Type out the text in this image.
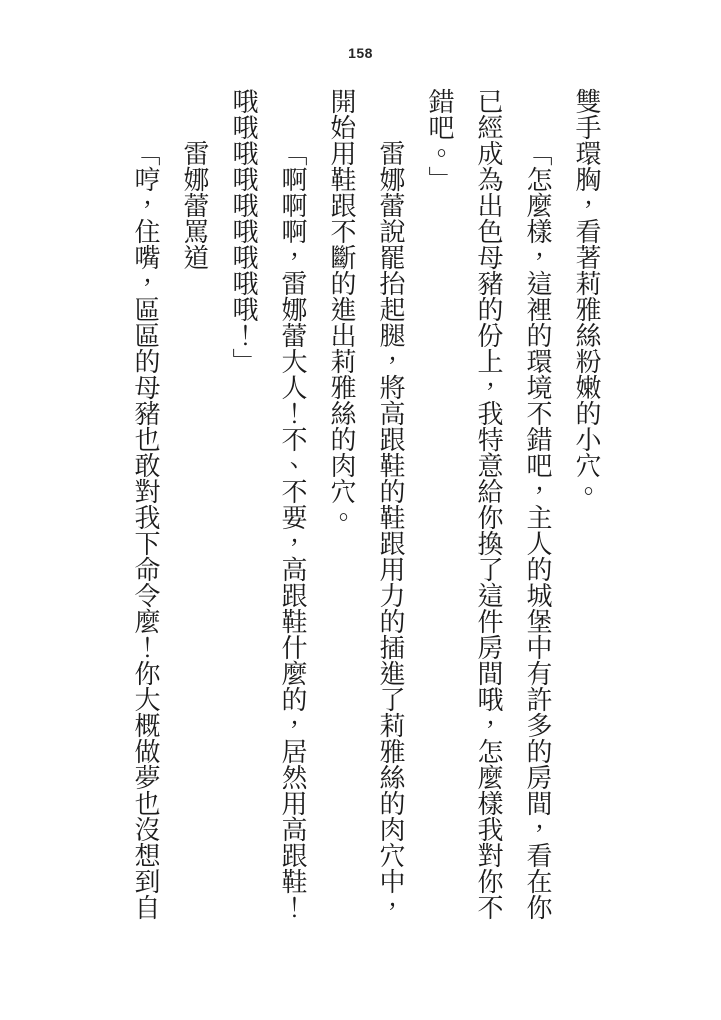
158

雙手環胸，看著莉雅絲粉嫩的小穴。

「怎麼樣，這裡的環境不錯吧，主人的城堡中有許多的房間，看在你已經成為出色母豬的份上，我特意給你換了這件房間哦，怎麼樣我對你不錯吧。」

雷娜蕾說罷抬起腿，將高跟鞋的鞋跟用力的插進了莉雅絲的肉穴中，開始用鞋跟不斷的進出莉雅絲的肉穴。

「啊啊啊，雷娜蕾大人！不、不要，高跟鞋什麼的，居然用高跟鞋！哦哦哦哦哦哦哦哦哦！」

雷娜蕾罵道

「哼，住嘴，區區的母豬也敢對我下命令麼！你大概做夢也沒想到自
